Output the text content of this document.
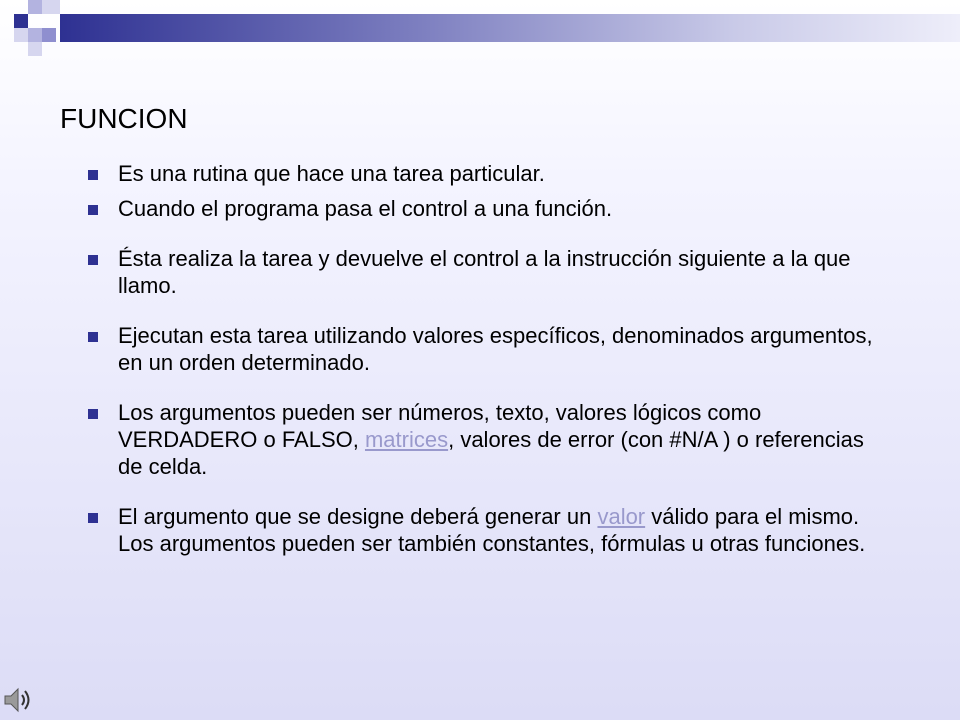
FUNCION
Es una rutina que hace una tarea particular.
Cuando el programa pasa el control a una función.
Ésta realiza la tarea y devuelve el control a la instrucción siguiente a la que llamo.
Ejecutan esta tarea utilizando valores específicos, denominados argumentos, en un orden determinado.
Los argumentos pueden ser números, texto, valores lógicos como VERDADERO o FALSO, matrices, valores de error (con #N/A ) o referencias de celda.
El argumento que se designe deberá generar un valor válido para el mismo. Los argumentos pueden ser también constantes, fórmulas u otras funciones.
